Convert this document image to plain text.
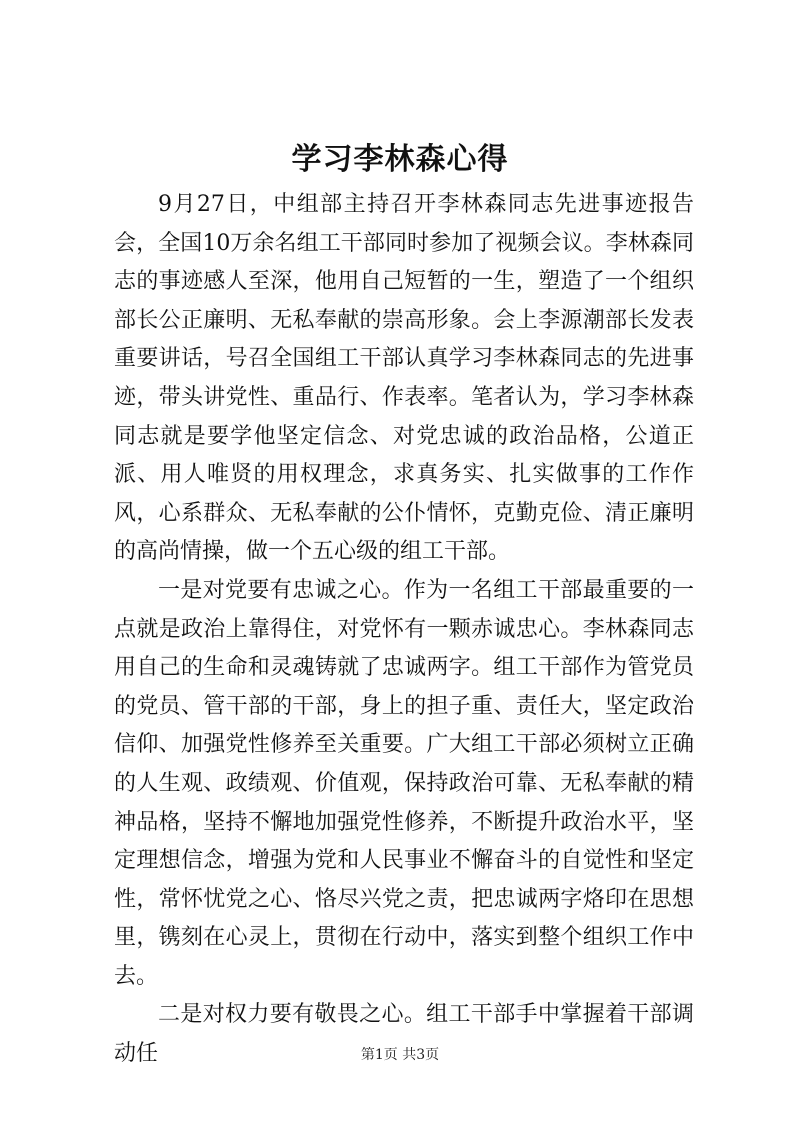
学习李林森心得

9月27日，中组部主持召开李林森同志先进事迹报告会，全国10万余名组工干部同时参加了视频会议。李林森同志的事迹感人至深，他用自己短暂的一生，塑造了一个组织部长公正廉明、无私奉献的崇高形象。会上李源潮部长发表重要讲话，号召全国组工干部认真学习李林森同志的先进事迹，带头讲党性、重品行、作表率。笔者认为，学习李林森同志就是要学他坚定信念、对党忠诚的政治品格，公道正派、用人唯贤的用权理念，求真务实、扎实做事的工作作风，心系群众、无私奉献的公仆情怀，克勤克俭、清正廉明的高尚情操，做一个五心级的组工干部。

一是对党要有忠诚之心。作为一名组工干部最重要的一点就是政治上靠得住，对党怀有一颗赤诚忠心。李林森同志用自己的生命和灵魂铸就了忠诚两字。组工干部作为管党员的党员、管干部的干部，身上的担子重、责任大，坚定政治信仰、加强党性修养至关重要。广大组工干部必须树立正确的人生观、政绩观、价值观，保持政治可靠、无私奉献的精神品格，坚持不懈地加强党性修养，不断提升政治水平，坚定理想信念，增强为党和人民事业不懈奋斗的自觉性和坚定性，常怀忧党之心、恪尽兴党之责，把忠诚两字烙印在思想里，镌刻在心灵上，贯彻在行动中，落实到整个组织工作中去。

二是对权力要有敬畏之心。组工干部手中掌握着干部调动任	第1页 共3页
